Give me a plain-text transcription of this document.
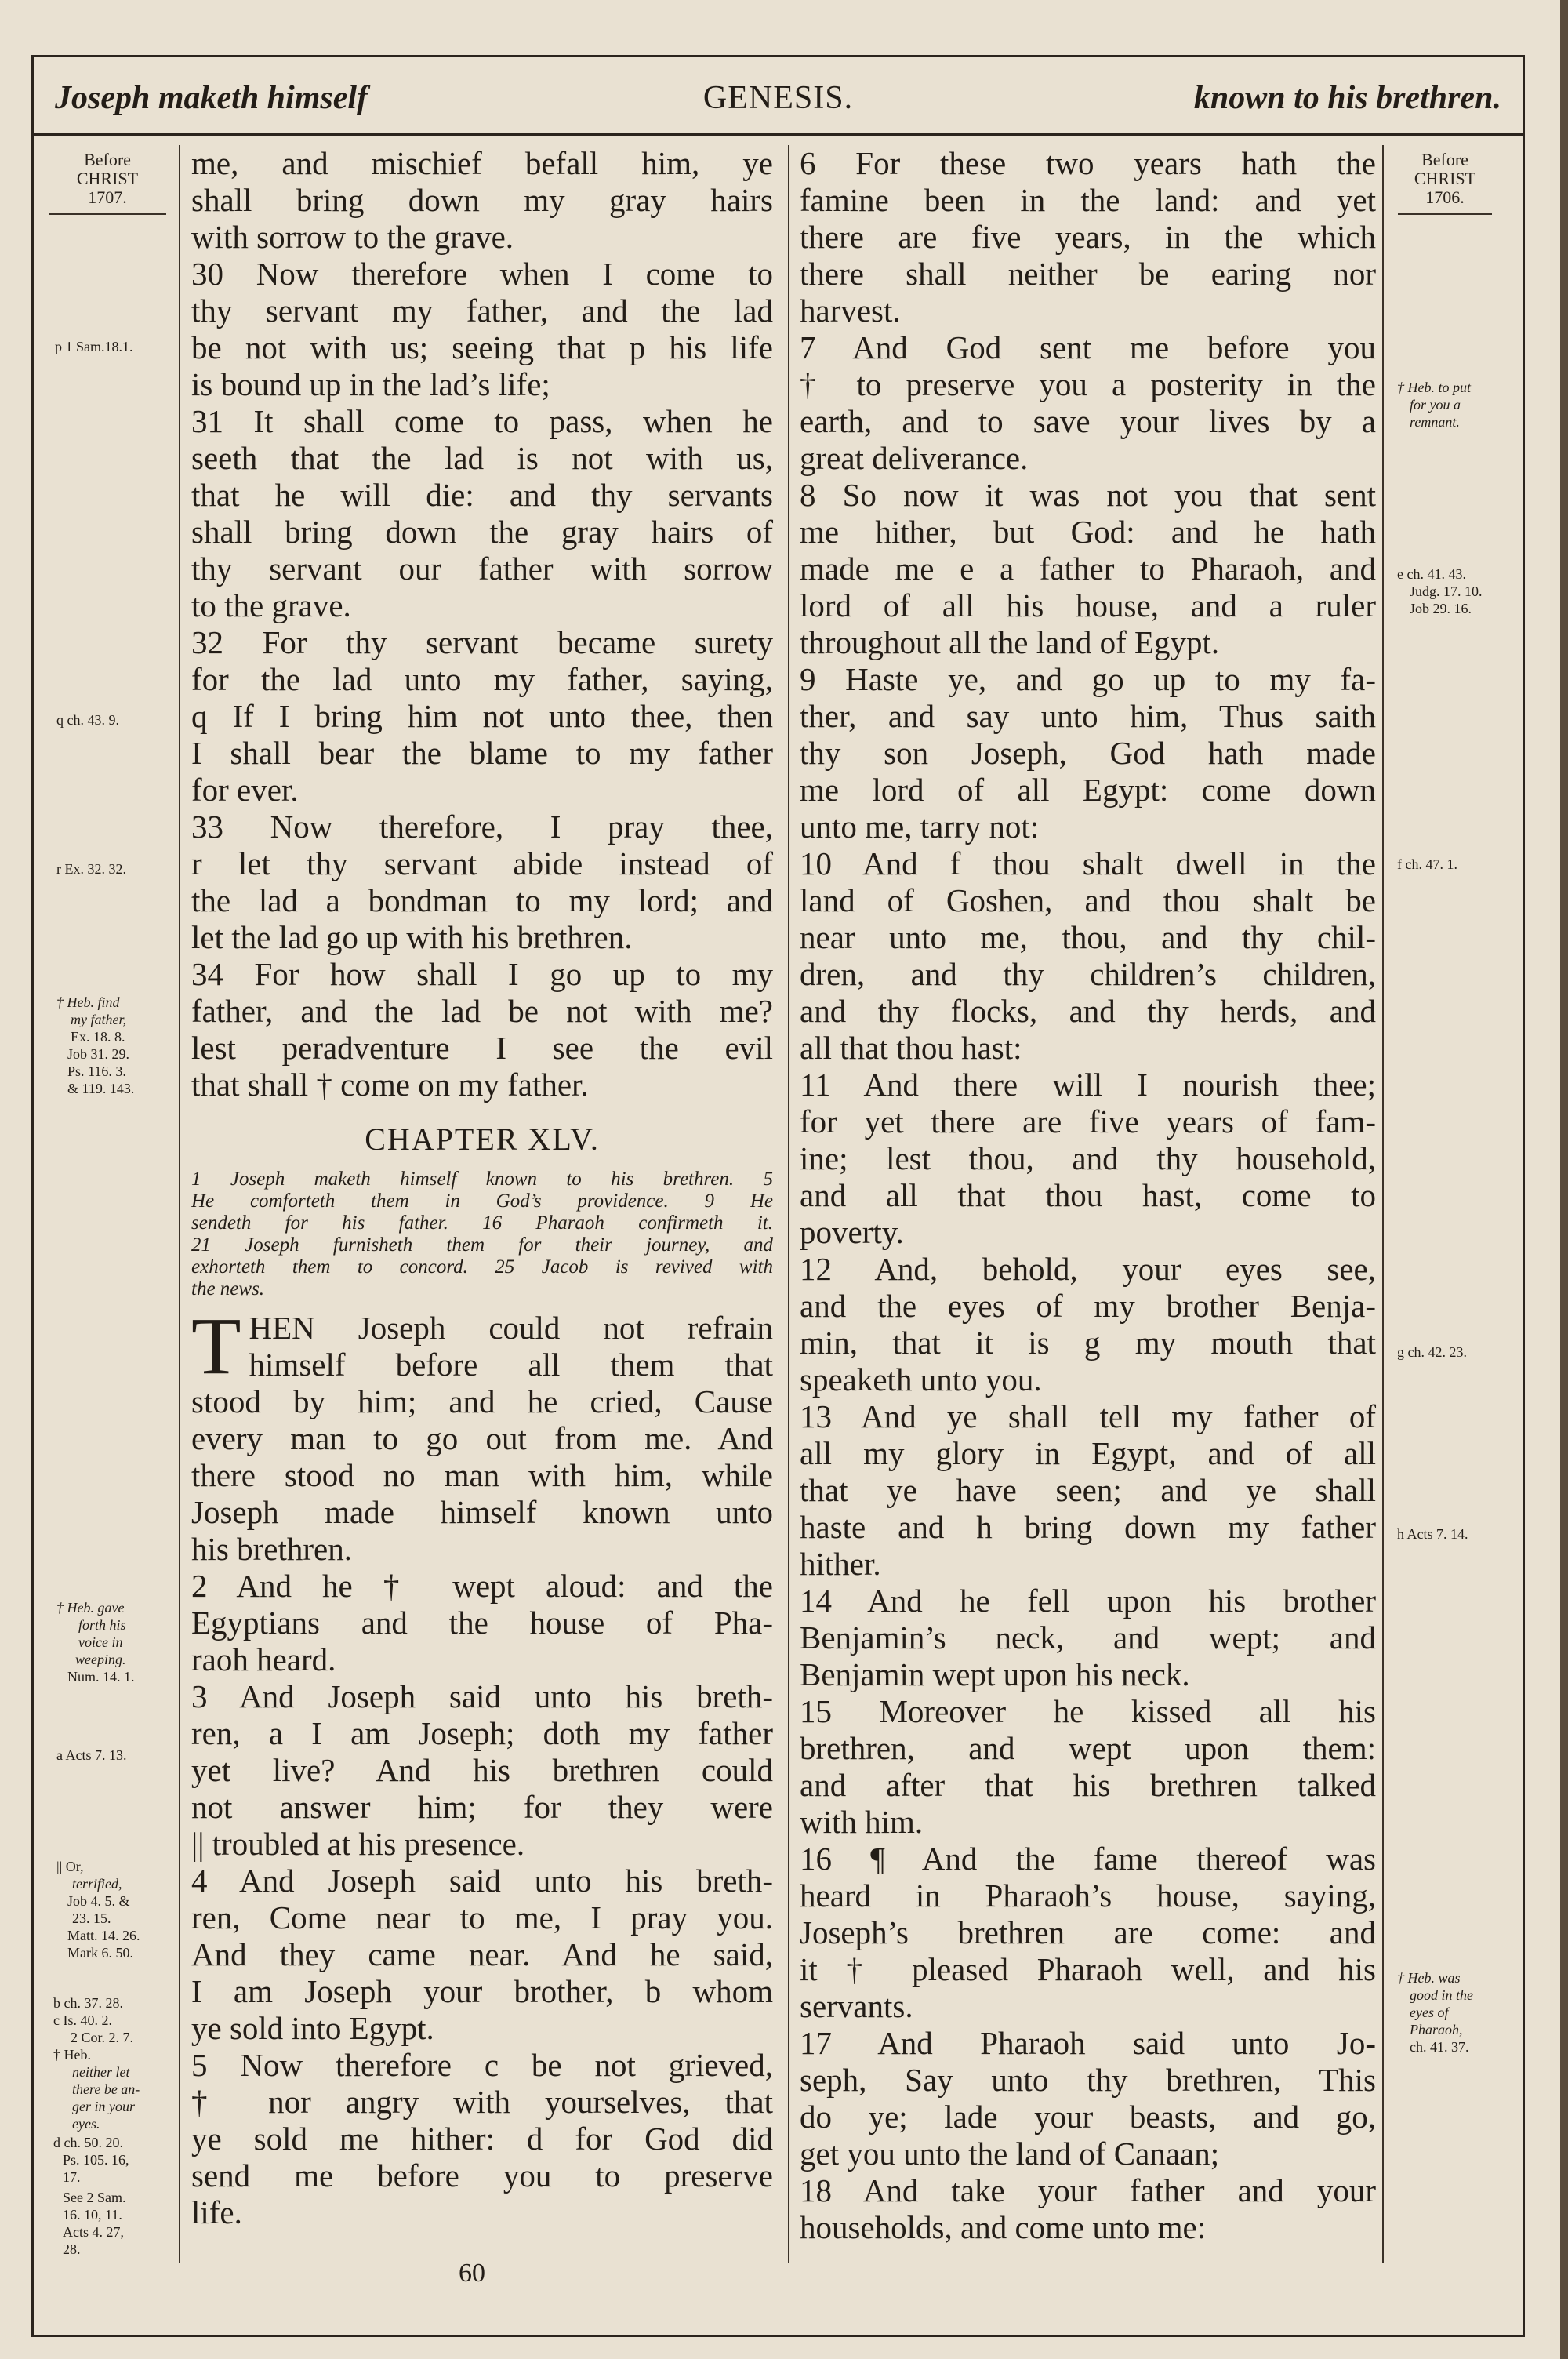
Joseph maketh himself	GENESIS.	known to his brethren.
Before
CHRIST
1707.
Before
CHRIST
1706.
p 1 Sam.18.1.
q ch. 43. 9.
r Ex. 32. 32.
† Heb. find
my father,
Ex. 18. 8.
Job 31. 29.
Ps. 116. 3.
& 119. 143.
† Heb. gave
forth his
voice in
weeping.
Num. 14. 1.
a Acts 7. 13.
|| Or,
terrified,
Job 4. 5. &
23. 15.
Matt. 14. 26.
Mark 6. 50.
b ch. 37. 28.
c Is. 40. 2.
2 Cor. 2. 7.
† Heb.
neither let
there be an-
ger in your
eyes.
d ch. 50. 20.
Ps. 105. 16,
17.
See 2 Sam.
16. 10, 11.
Acts 4. 27,
28.
† Heb. to put
for you a
remnant.
e ch. 41. 43.
Judg. 17. 10.
Job 29. 16.
f ch. 47. 1.
g ch. 42. 23.
h Acts 7. 14.
† Heb. was
good in the
eyes of
Pharaoh,
ch. 41. 37.
me, and mischief befall him, ye
shall bring down my gray hairs
with sorrow to the grave.
30 Now therefore when I come to
thy servant my father, and the lad
be not with us; seeing that p his life
is bound up in the lad’s life;
31 It shall come to pass, when he
seeth that the lad is not with us,
that he will die: and thy servants
shall bring down the gray hairs of
thy servant our father with sorrow
to the grave.
32 For thy servant became surety
for the lad unto my father, saying,
q If I bring him not unto thee, then
I shall bear the blame to my father
for ever.
33 Now therefore, I pray thee,
r let thy servant abide instead of
the lad a bondman to my lord; and
let the lad go up with his brethren.
34 For how shall I go up to my
father, and the lad be not with me?
lest peradventure I see the evil
that shall † come on my father.
CHAPTER XLV.
1 Joseph maketh himself known to his brethren. 5
He comforteth them in God’s providence. 9 He
sendeth for his father. 16 Pharaoh confirmeth it.
21 Joseph furnisheth them for their journey, and
exhorteth them to concord. 25 Jacob is revived with
the news.
T HEN Joseph could not refrain
himself before all them that
stood by him; and he cried, Cause
every man to go out from me. And
there stood no man with him, while
Joseph made himself known unto
his brethren.
2 And he † wept aloud: and the
Egyptians and the house of Pha-
raoh heard.
3 And Joseph said unto his breth-
ren, a I am Joseph; doth my father
yet live? And his brethren could
not answer him; for they were
|| troubled at his presence.
4 And Joseph said unto his breth-
ren, Come near to me, I pray you.
And they came near. And he said,
I am Joseph your brother, b whom
ye sold into Egypt.
5 Now therefore c be not grieved,
† nor angry with yourselves, that
ye sold me hither: d for God did
send me before you to preserve
life.
6 For these two years hath the
famine been in the land: and yet
there are five years, in the which
there shall neither be earing nor
harvest.
7 And God sent me before you
† to preserve you a posterity in the
earth, and to save your lives by a
great deliverance.
8 So now it was not you that sent
me hither, but God: and he hath
made me e a father to Pharaoh, and
lord of all his house, and a ruler
throughout all the land of Egypt.
9 Haste ye, and go up to my fa-
ther, and say unto him, Thus saith
thy son Joseph, God hath made
me lord of all Egypt: come down
unto me, tarry not:
10 And f thou shalt dwell in the
land of Goshen, and thou shalt be
near unto me, thou, and thy chil-
dren, and thy children’s children,
and thy flocks, and thy herds, and
all that thou hast:
11 And there will I nourish thee;
for yet there are five years of fam-
ine; lest thou, and thy household,
and all that thou hast, come to
poverty.
12 And, behold, your eyes see,
and the eyes of my brother Benja-
min, that it is g my mouth that
speaketh unto you.
13 And ye shall tell my father of
all my glory in Egypt, and of all
that ye have seen; and ye shall
haste and h bring down my father
hither.
14 And he fell upon his brother
Benjamin’s neck, and wept; and
Benjamin wept upon his neck.
15 Moreover he kissed all his
brethren, and wept upon them:
and after that his brethren talked
with him.
16 ¶ And the fame thereof was
heard in Pharaoh’s house, saying,
Joseph’s brethren are come: and
it † pleased Pharaoh well, and his
servants.
17 And Pharaoh said unto Jo-
seph, Say unto thy brethren, This
do ye; lade your beasts, and go,
get you unto the land of Canaan;
18 And take your father and your
households, and come unto me:
60
